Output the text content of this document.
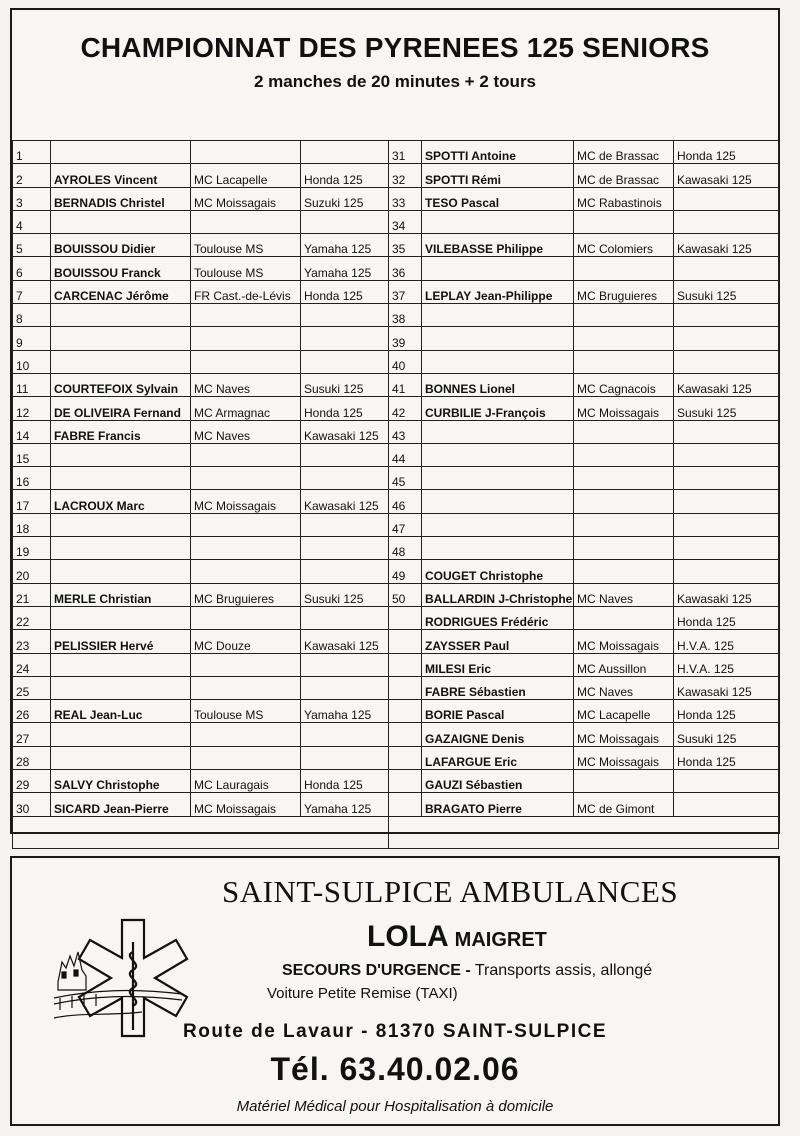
CHAMPIONNAT DES PYRENEES 125 SENIORS
2 manches de 20 minutes + 2 tours
1				31	SPOTTI Antoine	MC de Brassac	Honda 125
2	AYROLES Vincent	MC Lacapelle	Honda 125	32	SPOTTI Rémi	MC de Brassac	Kawasaki 125
3	BERNADIS Christel	MC Moissagais	Suzuki 125	33	TESO Pascal	MC Rabastinois	
4				34			
5	BOUISSOU Didier	Toulouse MS	Yamaha 125	35	VILEBASSE Philippe	MC Colomiers	Kawasaki 125
6	BOUISSOU Franck	Toulouse MS	Yamaha 125	36			
7	CARCENAC Jérôme	FR Cast.-de-Lévis	Honda 125	37	LEPLAY Jean-Philippe	MC Bruguieres	Susuki 125
8				38			
9				39			
10				40			
11	COURTEFOIX Sylvain	MC Naves	Susuki 125	41	BONNES Lionel	MC Cagnacois	Kawasaki 125
12	DE OLIVEIRA Fernand	MC Armagnac	Honda 125	42	CURBILIE J-François	MC Moissagais	Susuki 125
14	FABRE Francis	MC Naves	Kawasaki 125	43			
15				44			
16				45			
17	LACROUX Marc	MC Moissagais	Kawasaki 125	46			
18				47			
19				48			
20				49	COUGET Christophe		
21	MERLE Christian	MC Bruguieres	Susuki 125	50	BALLARDIN J-Christophe	MC Naves	Kawasaki 125
22					RODRIGUES Frédéric		Honda 125
23	PELISSIER Hervé	MC Douze	Kawasaki 125		ZAYSSER Paul	MC Moissagais	H.V.A. 125
24					MILESI Eric	MC Aussillon	H.V.A. 125
25					FABRE Sébastien	MC Naves	Kawasaki 125
26	REAL Jean-Luc	Toulouse MS	Yamaha 125		BORIE Pascal	MC Lacapelle	Honda 125
27					GAZAIGNE Denis	MC Moissagais	Susuki 125
28					LAFARGUE Eric	MC Moissagais	Honda 125
29	SALVY Christophe	MC Lauragais	Honda 125		GAUZI Sébastien		
30	SICARD Jean-Pierre	MC Moissagais	Yamaha 125		BRAGATO Pierre	MC de Gimont	

SAINT-SULPICE AMBULANCES
LOLA MAIGRET
SECOURS D'URGENCE - Transports assis, allongé
Voiture Petite Remise (TAXI)
Route de Lavaur - 81370 SAINT-SULPICE
Tél. 63.40.02.06
Matériel Médical pour Hospitalisation à domicile
